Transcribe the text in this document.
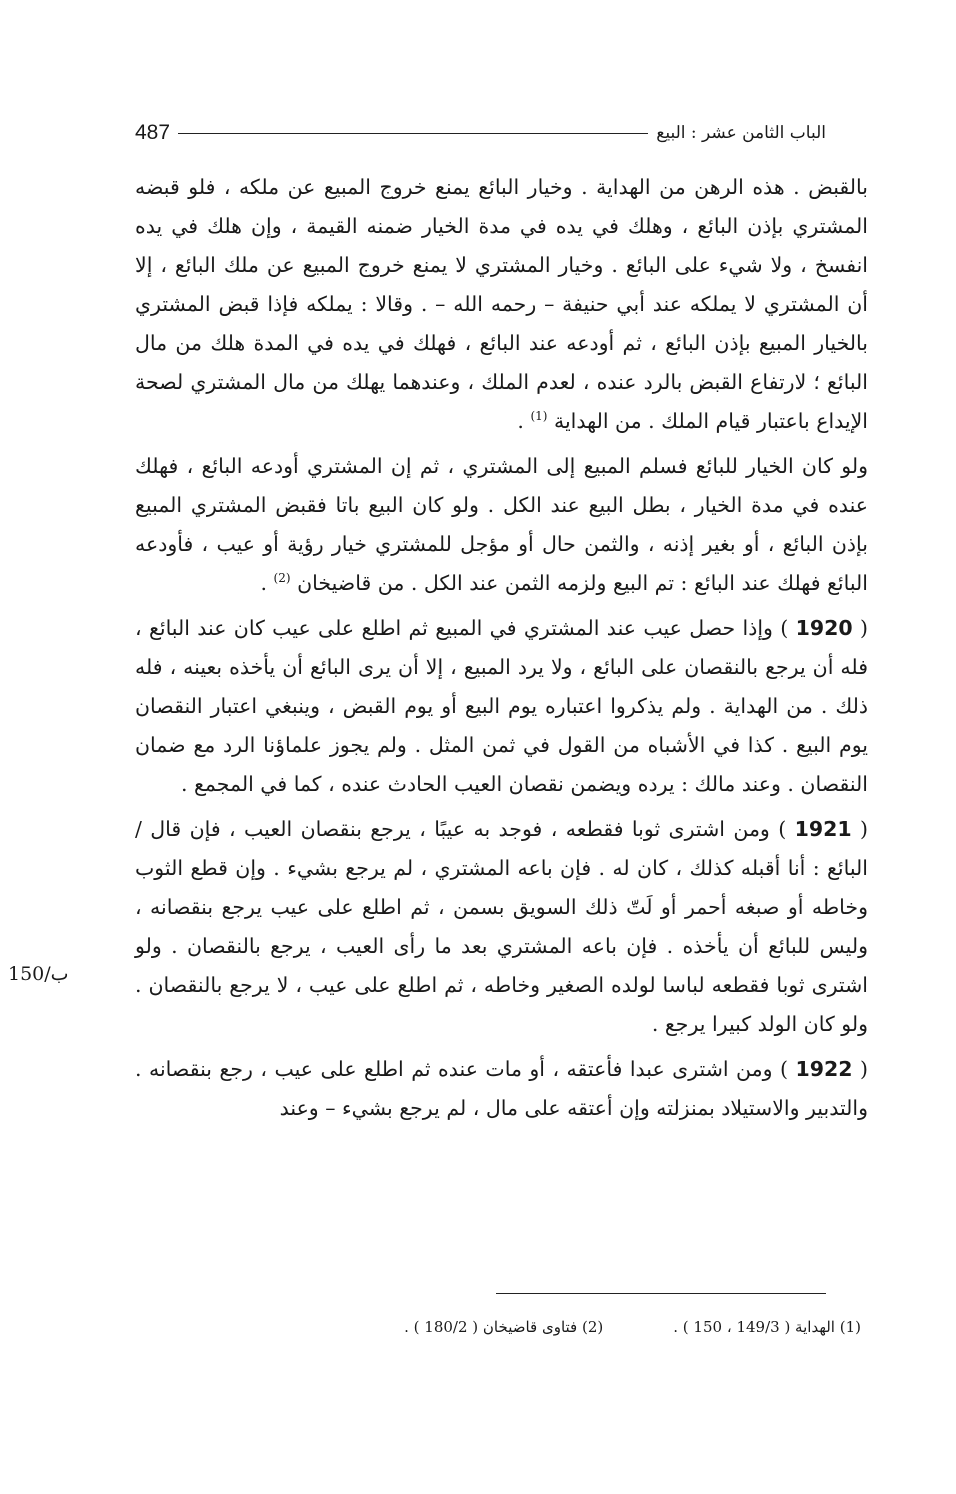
الباب الثامن عشر : البيع
487
150/ب

بالقبض . هذه الرهن من الهداية . وخيار البائع يمنع خروج المبيع عن ملكه ، فلو قبضه المشتري بإذن البائع ، وهلك في يده في مدة الخيار ضمنه القيمة ، وإن هلك في يده انفسخ ، ولا شيء على البائع . وخيار المشتري لا يمنع خروج المبيع عن ملك البائع ، إلا أن المشتري لا يملكه عند أبي حنيفة – رحمه الله – . وقالا : يملكه فإذا قبض المشتري بالخيار المبيع بإذن البائع ، ثم أودعه عند البائع ، فهلك في يده في المدة هلك من مال البائع ؛ لارتفاع القبض بالرد عنده ، لعدم الملك ، وعندهما يهلك من مال المشتري لصحة الإيداع باعتبار قيام الملك . من الهداية $^{(1)}$ .

ولو كان الخيار للبائع فسلم المبيع إلى المشتري ، ثم إن المشتري أودعه البائع ، فهلك عنده في مدة الخيار ، بطل البيع عند الكل . ولو كان البيع باتا فقبض المشتري المبيع بإذن البائع ، أو بغير إذنه ، والثمن حال أو مؤجل للمشتري خيار رؤية أو عيب ، فأودعه البائع فهلك عند البائع : تم البيع ولزمه الثمن عند الكل . من قاضيخان $^{(2)}$ .

( 1920 ) وإذا حصل عيب عند المشتري في المبيع ثم اطلع على عيب كان عند البائع ، فله أن يرجع بالنقصان على البائع ، ولا يرد المبيع ، إلا أن يرى البائع أن يأخذه بعينه ، فله ذلك . من الهداية . ولم يذكروا اعتباره يوم البيع أو يوم القبض ، وينبغي اعتبار النقصان يوم البيع . كذا في الأشباه من القول في ثمن المثل . ولم يجوز علماؤنا الرد مع ضمان النقصان . وعند مالك : يرده ويضمن نقصان العيب الحادث عنده ، كما في المجمع .

( 1921 ) ومن اشترى ثوبا فقطعه ، فوجد به عيبًا ، يرجع بنقصان العيب ، فإن قال / البائع : أنا أقبله كذلك ، كان له . فإن باعه المشتري ، لم يرجع بشيء . وإن قطع الثوب وخاطه أو صبغه أحمر أو لَتّ ذلك السويق بسمن ، ثم اطلع على عيب يرجع بنقصانه ، وليس للبائع أن يأخذه . فإن باعه المشتري بعد ما رأى العيب ، يرجع بالنقصان . ولو اشترى ثوبا فقطعه لباسا لولده الصغير وخاطه ، ثم اطلع على عيب ، لا يرجع بالنقصان . ولو كان الولد كبيرا يرجع .

( 1922 ) ومن اشترى عبدا فأعتقه ، أو مات عنده ثم اطلع على عيب ، رجع بنقصانه . والتدبير والاستيلاد بمنزلته وإن أعتقه على مال ، لم يرجع بشيء – وعند

(1) الهداية ( 149/3 ، 150 ) .
(2) فتاوى قاضيخان ( 180/2 ) .
